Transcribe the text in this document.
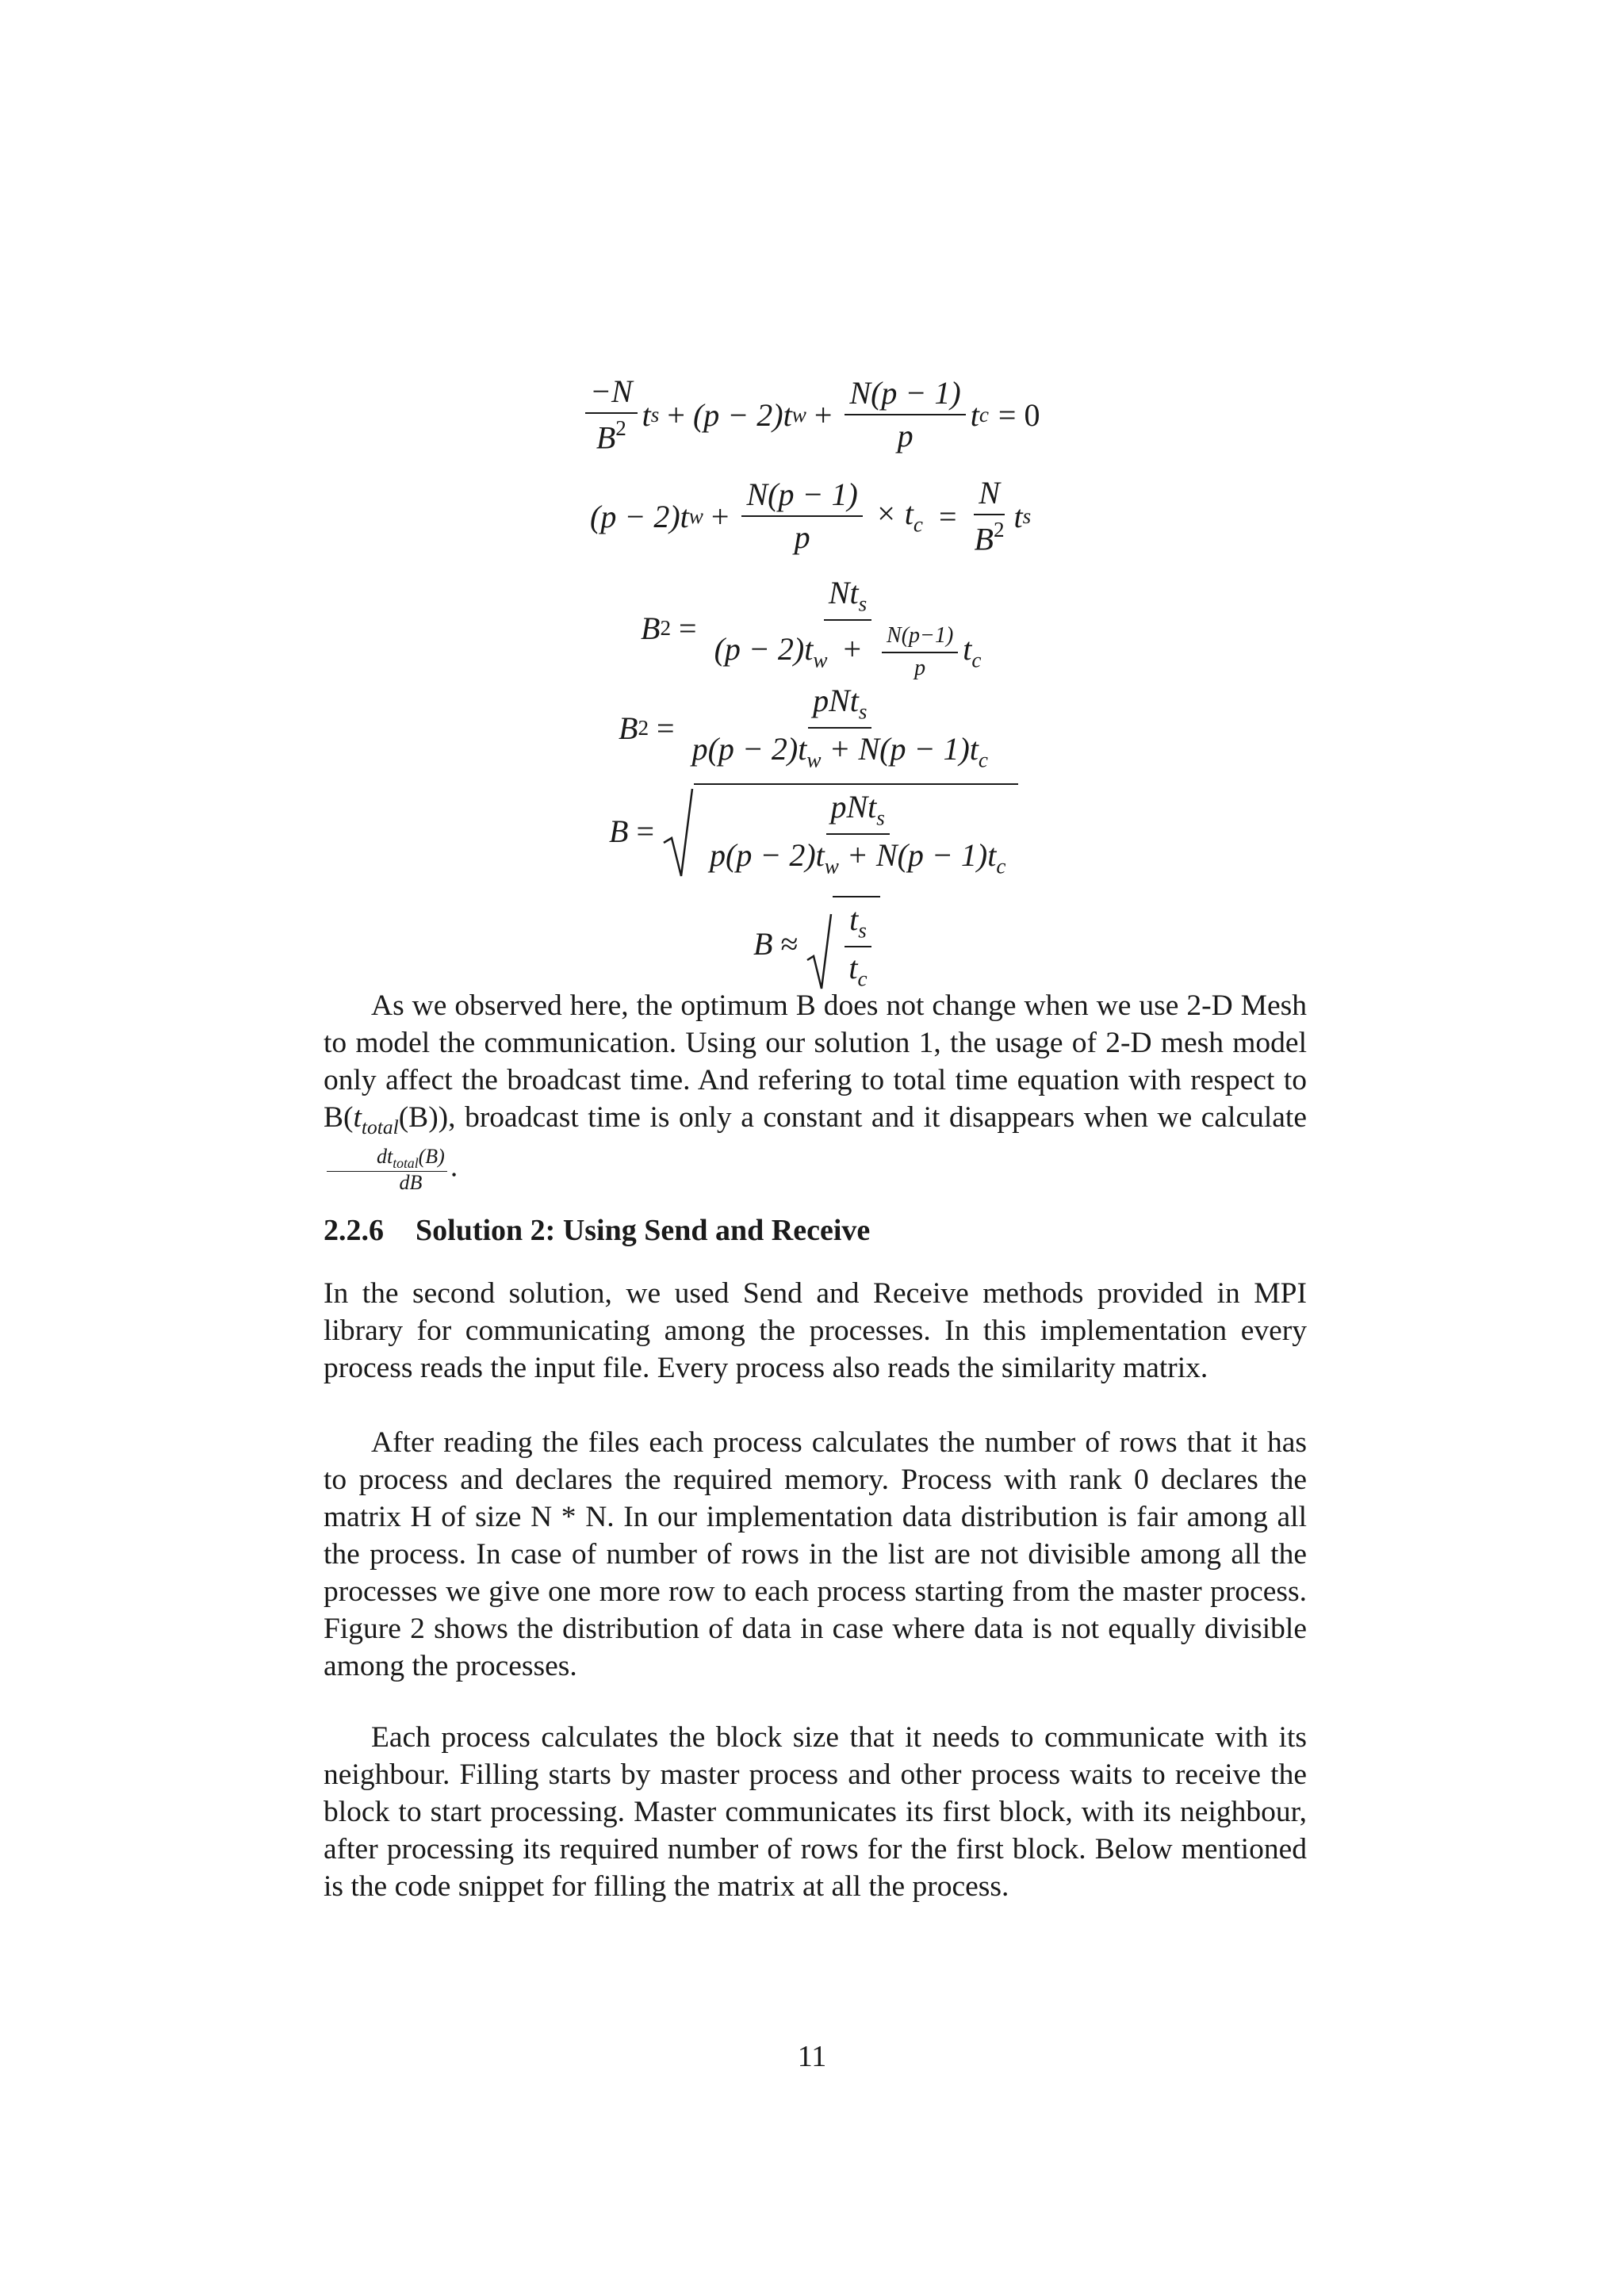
$\frac{-N}{B^2}$ t s + (p − 2)t $w + \frac{N(p - 1)}{p}$ t c = 0
(p − 2)t $w + \frac{N(p - 1)}{p} \times t_c = \frac{N}{B^2}$ t s
B 2 =
$Nt_s$
$(p - 2)t_w + \frac{N(p-1)}{p} t_c$
B $2 = \frac{pNt_s}{p(p - 2)t_w + N(p - 1)t_c}$
$B = \frac{pNt_s}{p(p - 2)t_w + N(p - 1)t_c}$
$B \approx \frac{t_s}{t_c}$

As we observed here, the optimum B does not change when we use 2-D Mesh to model the communication. Using our solution 1, the usage of 2-D mesh model only affect the broadcast time. And refering to total time equation with respect to $B(t_{total}(B))$, broadcast time is only a constant and it disappears when we calculate
$\frac{dt_{total}(B)}{dB}$ .

2.2.6 Solution 2: Using Send and Receive

In the second solution, we used Send and Receive methods provided in MPI library for communicating among the processes. In this implementation every process reads the input file. Every process also reads the similarity matrix.

After reading the files each process calculates the number of rows that it has to process and declares the required memory. Process with rank 0 declares the matrix H of size N * N. In our implementation data distribution is fair among all the process. In case of number of rows in the list are not divisible among all the processes we give one more row to each process starting from the master process. Figure 2 shows the distribution of data in case where data is not equally divisible among the processes.

Each process calculates the block size that it needs to communicate with its neighbour. Filling starts by master process and other process waits to receive the block to start processing. Master communicates its first block, with its neighbour, after processing its required number of rows for the first block. Below mentioned is the code snippet for filling the matrix at all the process.

11
